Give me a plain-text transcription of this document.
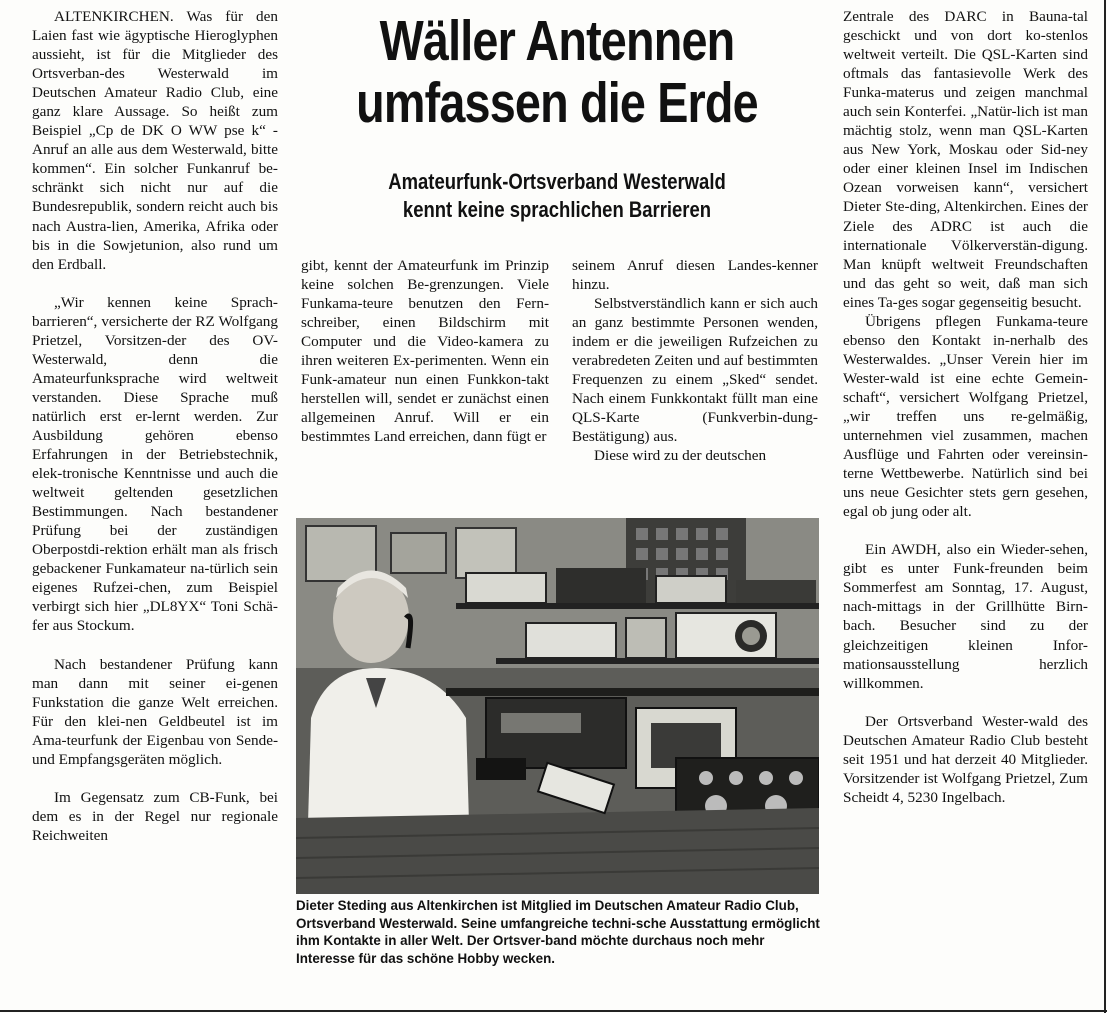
ALTENKIRCHEN. Was für den Laien fast wie ägyptische Hieroglyphen aussieht, ist für die Mitglieder des Ortsverban-des Westerwald im Deutschen Amateur Radio Club, eine ganz klare Aussage. So heißt zum Beispiel „Cp de DK O WW pse k“ - Anruf an alle aus dem Westerwald, bitte kommen“. Ein solcher Funkanruf be-schränkt sich nicht nur auf die Bundesrepublik, sondern reicht auch bis nach Austra-lien, Amerika, Afrika oder bis in die Sowjetunion, also rund um den Erdball.

„Wir kennen keine Sprach-barrieren“, versicherte der RZ Wolfgang Prietzel, Vorsitzen-der des OV-Westerwald, denn die Amateurfunksprache wird weltweit verstanden. Diese Sprache muß natürlich erst er-lernt werden. Zur Ausbildung gehören ebenso Erfahrungen in der Betriebstechnik, elek-tronische Kenntnisse und auch die weltweit geltenden gesetzlichen Bestimmungen. Nach bestandener Prüfung bei der zuständigen Oberpostdi-rektion erhält man als frisch gebackener Funkamateur na-türlich sein eigenes Rufzei-chen, zum Beispiel verbirgt sich hier „DL8YX“ Toni Schä-fer aus Stockum.

Nach bestandener Prüfung kann man dann mit seiner ei-genen Funkstation die ganze Welt erreichen. Für den klei-nen Geldbeutel ist im Ama-teurfunk der Eigenbau von Sende- und Empfangsgeräten möglich.

Im Gegensatz zum CB-Funk, bei dem es in der Regel nur regionale Reichweiten

Wäller Antennen
umfassen die Erde
Amateurfunk-Ortsverband Westerwald
kennt keine sprachlichen Barrieren

gibt, kennt der Amateurfunk im Prinzip keine solchen Be-grenzungen. Viele Funkama-teure benutzen den Fern-schreiber, einen Bildschirm mit Computer und die Video-kamera zu ihren weiteren Ex-perimenten. Wenn ein Funk-amateur nun einen Funkkon-takt herstellen will, sendet er zunächst einen allgemeinen Anruf. Will er ein bestimmtes Land erreichen, dann fügt er

seinem Anruf diesen Landes-kenner hinzu.

Selbstverständlich kann er sich auch an ganz bestimmte Personen wenden, indem er die jeweiligen Rufzeichen zu verabredeten Zeiten und auf bestimmten Frequenzen zu einem „Sked“ sendet. Nach einem Funkkontakt füllt man eine QLS-Karte (Funkverbin-dung-Bestätigung) aus.

Diese wird zu der deutschen

Dieter Steding aus Altenkirchen ist Mitglied im Deutschen Amateur Radio Club, Ortsverband Westerwald. Seine umfangreiche techni-sche Ausstattung ermöglicht ihm Kontakte in aller Welt. Der Ortsver-band möchte durchaus noch mehr Interesse für das schöne Hobby wecken.

Zentrale des DARC in Bauna-tal geschickt und von dort ko-stenlos weltweit verteilt. Die QSL-Karten sind oftmals das fantasievolle Werk des Funka-materus und zeigen manchmal auch sein Konterfei. „Natür-lich ist man mächtig stolz, wenn man QSL-Karten aus New York, Moskau oder Sid-ney oder einer kleinen Insel im Indischen Ozean vorweisen kann“, versichert Dieter Ste-ding, Altenkirchen. Eines der Ziele des ADRC ist auch die internationale Völkerverstän-digung. Man knüpft weltweit Freundschaften und das geht so weit, daß man sich eines Ta-ges sogar gegenseitig besucht.

Übrigens pflegen Funkama-teure ebenso den Kontakt in-nerhalb des Westerwaldes. „Unser Verein hier im Wester-wald ist eine echte Gemein-schaft“, versichert Wolfgang Prietzel, „wir treffen uns re-gelmäßig, unternehmen viel zusammen, machen Ausflüge und Fahrten oder vereinsin-terne Wettbewerbe. Natürlich sind bei uns neue Gesichter stets gern gesehen, egal ob jung oder alt.

Ein AWDH, also ein Wieder-sehen, gibt es unter Funk-freunden beim Sommerfest am Sonntag, 17. August, nach-mittags in der Grillhütte Birn-bach. Besucher sind zu der gleichzeitigen kleinen Infor-mationsausstellung herzlich willkommen.

Der Ortsverband Wester-wald des Deutschen Amateur Radio Club besteht seit 1951 und hat derzeit 40 Mitglieder. Vorsitzender ist Wolfgang Prietzel, Zum Scheidt 4, 5230 Ingelbach.
